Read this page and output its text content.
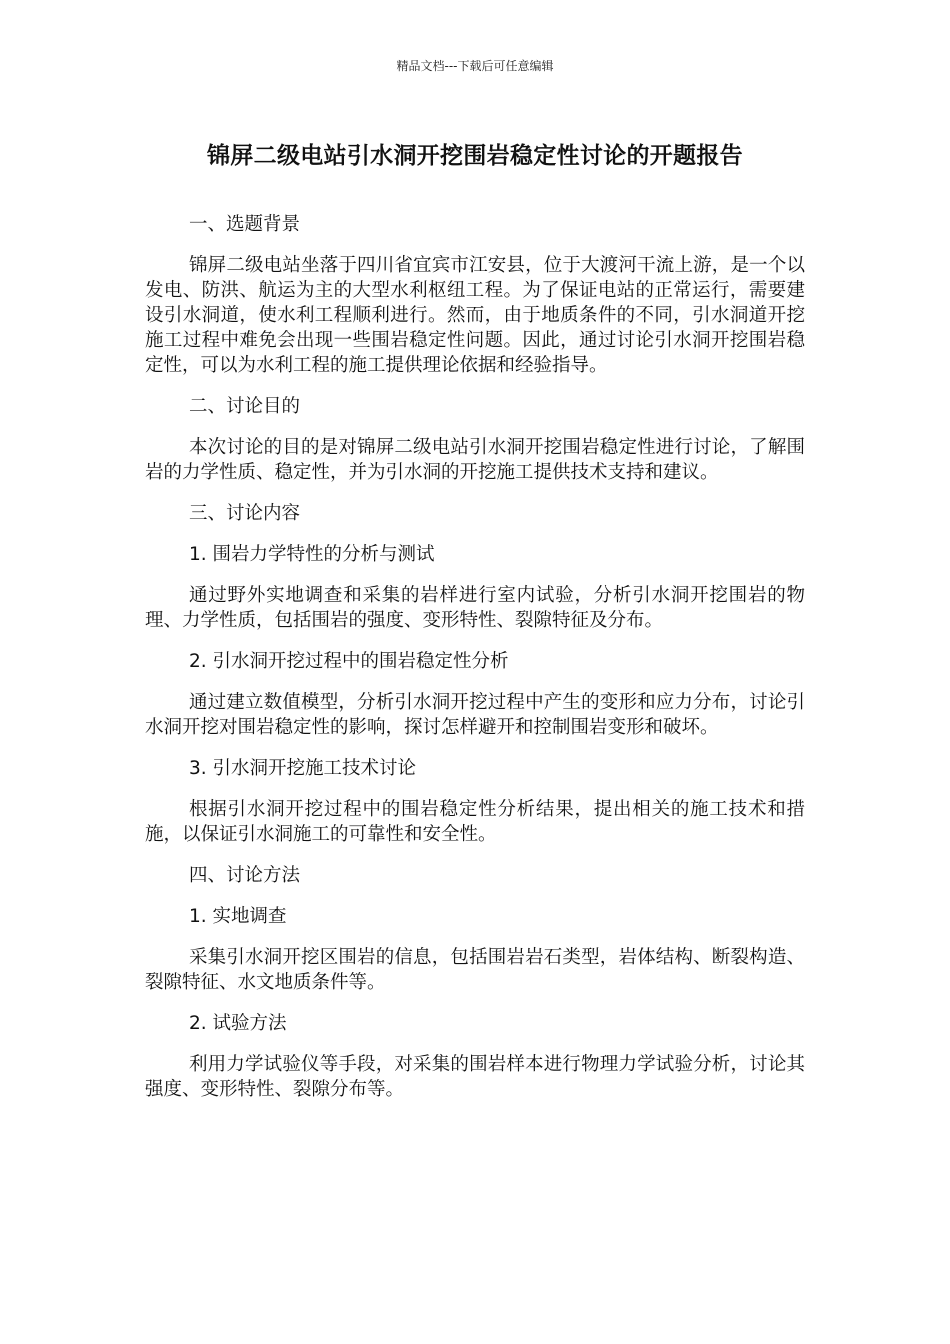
精品文档---下载后可任意编辑
锦屏二级电站引水洞开挖围岩稳定性讨论的开题报告

一、选题背景

锦屏二级电站坐落于四川省宜宾市江安县，位于大渡河干流上游，是一个以发电、防洪、航运为主的大型水利枢纽工程。为了保证电站的正常运行，需要建设引水洞道，使水利工程顺利进行。然而，由于地质条件的不同，引水洞道开挖施工过程中难免会出现一些围岩稳定性问题。因此，通过讨论引水洞开挖围岩稳定性，可以为水利工程的施工提供理论依据和经验指导。

二、讨论目的

本次讨论的目的是对锦屏二级电站引水洞开挖围岩稳定性进行讨论，了解围岩的力学性质、稳定性，并为引水洞的开挖施工提供技术支持和建议。

三、讨论内容

1. 围岩力学特性的分析与测试

通过野外实地调查和采集的岩样进行室内试验，分析引水洞开挖围岩的物理、力学性质，包括围岩的强度、变形特性、裂隙特征及分布。

2. 引水洞开挖过程中的围岩稳定性分析

通过建立数值模型，分析引水洞开挖过程中产生的变形和应力分布，讨论引水洞开挖对围岩稳定性的影响，探讨怎样避开和控制围岩变形和破坏。

3. 引水洞开挖施工技术讨论

根据引水洞开挖过程中的围岩稳定性分析结果，提出相关的施工技术和措施，以保证引水洞施工的可靠性和安全性。

四、讨论方法

1. 实地调查

采集引水洞开挖区围岩的信息，包括围岩岩石类型，岩体结构、断裂构造、裂隙特征、水文地质条件等。

2. 试验方法

利用力学试验仪等手段，对采集的围岩样本进行物理力学试验分析，讨论其强度、变形特性、裂隙分布等。
